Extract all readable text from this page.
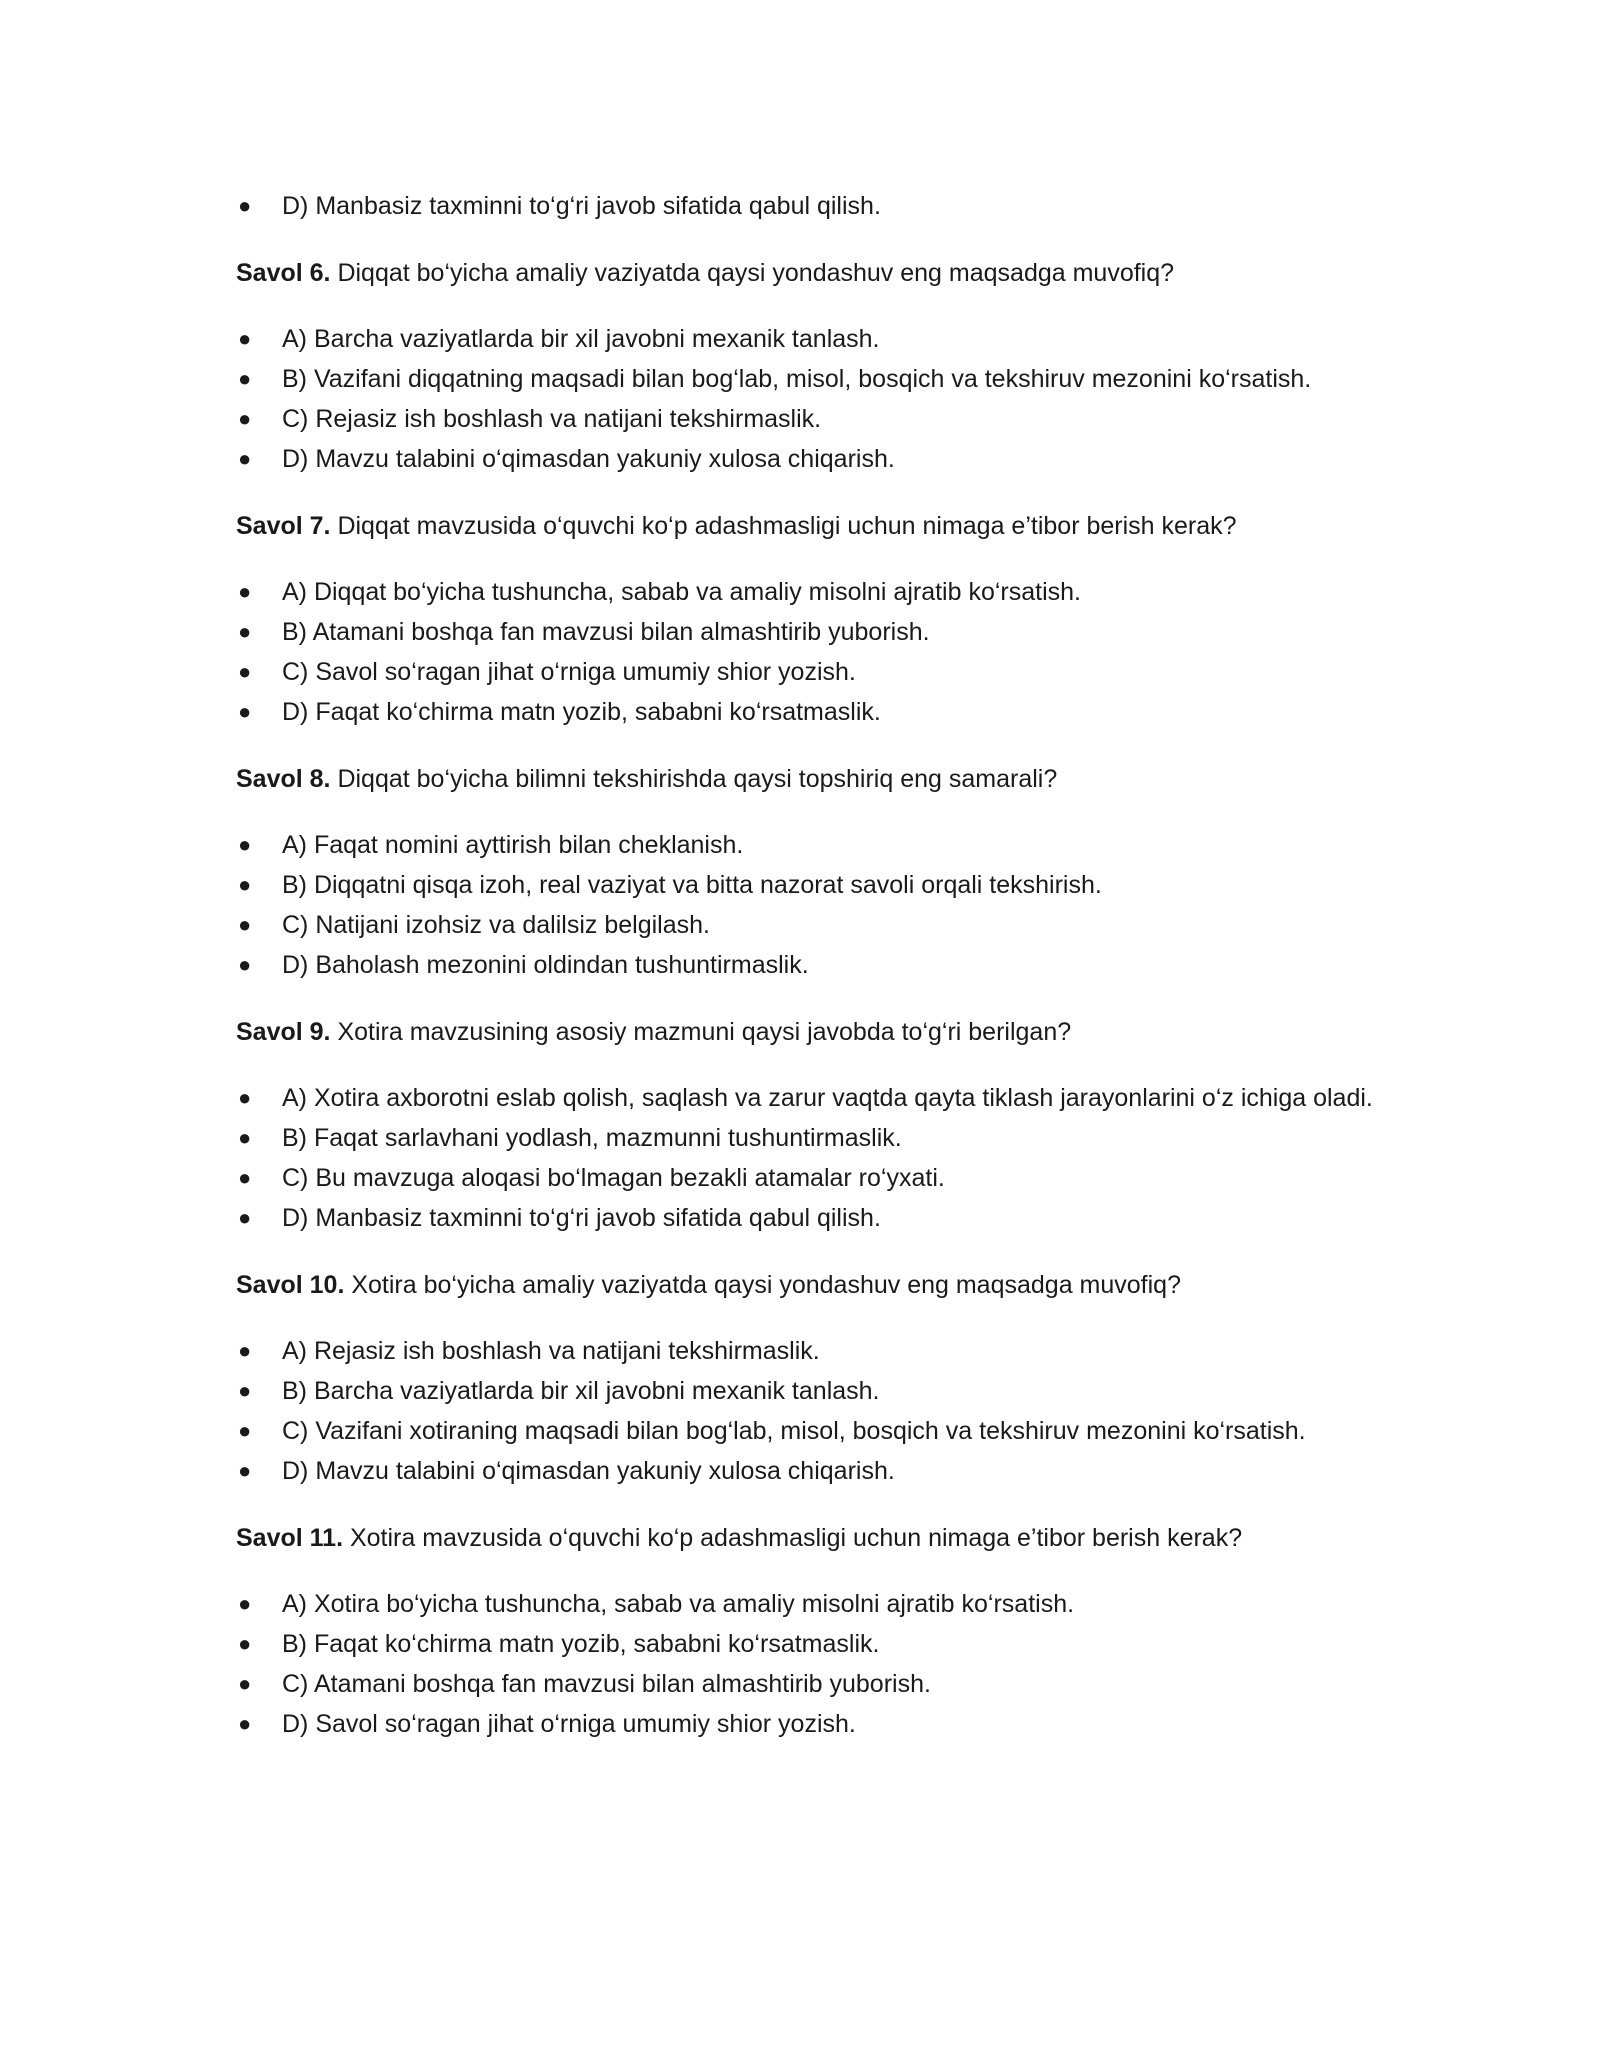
● D) Manbasiz taxminni to‘g‘ri javob sifatida qabul qilish.

Savol 6. Diqqat bo‘yicha amaliy vaziyatda qaysi yondashuv eng maqsadga muvofiq?

● A) Barcha vaziyatlarda bir xil javobni mexanik tanlash.
● B) Vazifani diqqatning maqsadi bilan bog‘lab, misol, bosqich va tekshiruv mezonini ko‘rsatish.
● C) Rejasiz ish boshlash va natijani tekshirmaslik.
● D) Mavzu talabini o‘qimasdan yakuniy xulosa chiqarish.

Savol 7. Diqqat mavzusida o‘quvchi ko‘p adashmasligi uchun nimaga e’tibor berish kerak?

● A) Diqqat bo‘yicha tushuncha, sabab va amaliy misolni ajratib ko‘rsatish.
● B) Atamani boshqa fan mavzusi bilan almashtirib yuborish.
● C) Savol so‘ragan jihat o‘rniga umumiy shior yozish.
● D) Faqat ko‘chirma matn yozib, sababni ko‘rsatmaslik.

Savol 8. Diqqat bo‘yicha bilimni tekshirishda qaysi topshiriq eng samarali?

● A) Faqat nomini ayttirish bilan cheklanish.
● B) Diqqatni qisqa izoh, real vaziyat va bitta nazorat savoli orqali tekshirish.
● C) Natijani izohsiz va dalilsiz belgilash.
● D) Baholash mezonini oldindan tushuntirmaslik.

Savol 9. Xotira mavzusining asosiy mazmuni qaysi javobda to‘g‘ri berilgan?

● A) Xotira axborotni eslab qolish, saqlash va zarur vaqtda qayta tiklash jarayonlarini o‘z ichiga oladi.
● B) Faqat sarlavhani yodlash, mazmunni tushuntirmaslik.
● C) Bu mavzuga aloqasi bo‘lmagan bezakli atamalar ro‘yxati.
● D) Manbasiz taxminni to‘g‘ri javob sifatida qabul qilish.

Savol 10. Xotira bo‘yicha amaliy vaziyatda qaysi yondashuv eng maqsadga muvofiq?

● A) Rejasiz ish boshlash va natijani tekshirmaslik.
● B) Barcha vaziyatlarda bir xil javobni mexanik tanlash.
● C) Vazifani xotiraning maqsadi bilan bog‘lab, misol, bosqich va tekshiruv mezonini ko‘rsatish.
● D) Mavzu talabini o‘qimasdan yakuniy xulosa chiqarish.

Savol 11. Xotira mavzusida o‘quvchi ko‘p adashmasligi uchun nimaga e’tibor berish kerak?

● A) Xotira bo‘yicha tushuncha, sabab va amaliy misolni ajratib ko‘rsatish.
● B) Faqat ko‘chirma matn yozib, sababni ko‘rsatmaslik.
● C) Atamani boshqa fan mavzusi bilan almashtirib yuborish.
● D) Savol so‘ragan jihat o‘rniga umumiy shior yozish.
